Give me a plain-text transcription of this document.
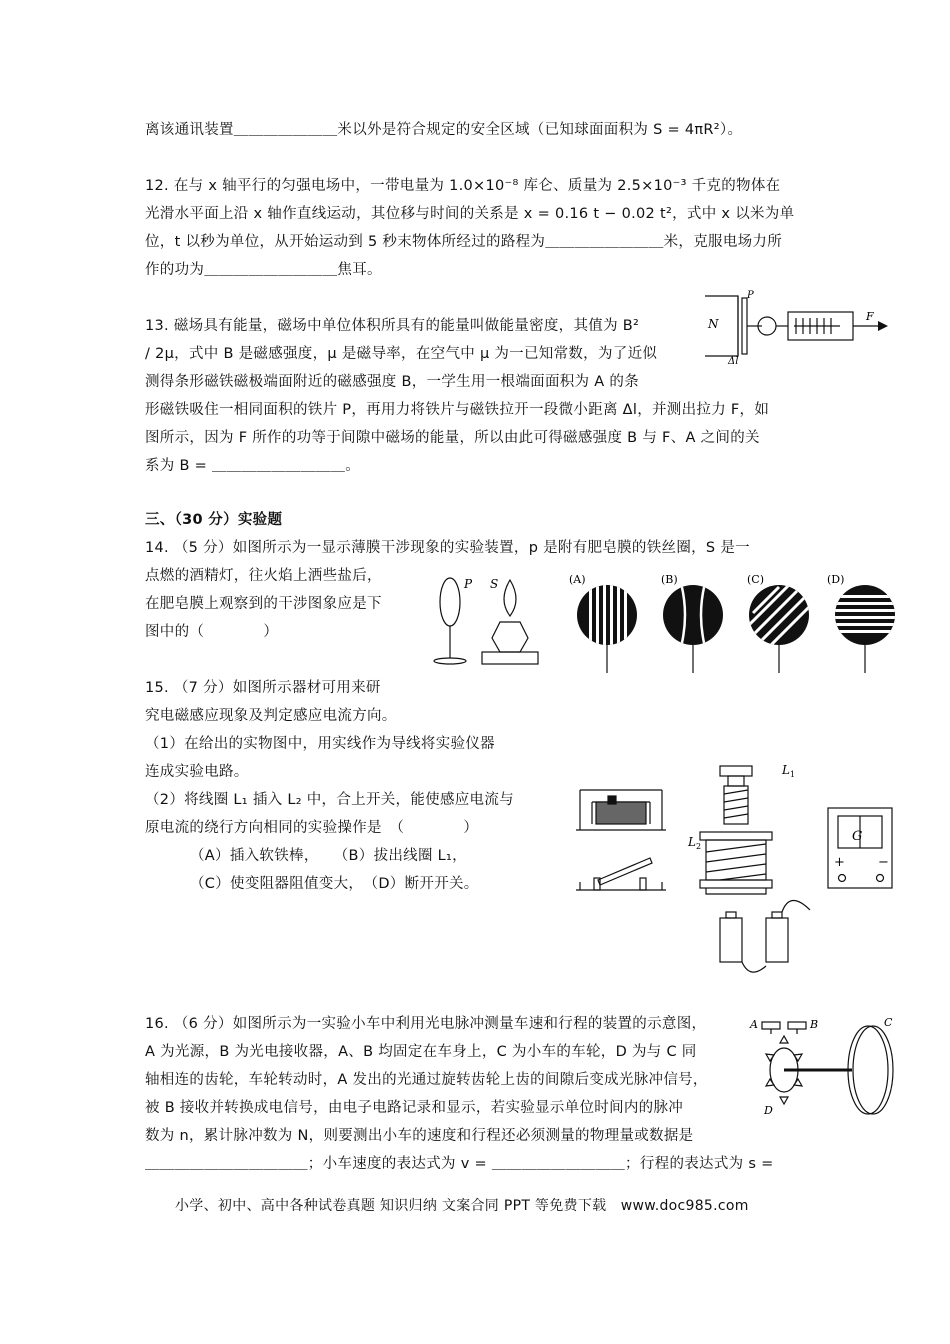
离该通讯装置＿＿＿＿＿＿＿米以外是符合规定的安全区域（已知球面面积为 S = 4πR²）。
12. 在与 x 轴平行的匀强电场中，一带电量为 1.0×10⁻⁸ 库仑、质量为 2.5×10⁻³ 千克的物体在
光滑水平面上沿 x 轴作直线运动，其位移与时间的关系是 x = 0.16 t − 0.02 t²，式中 x 以米为单
位，t 以秒为单位，从开始运动到 5 秒末物体所经过的路程为＿＿＿＿＿＿＿＿米，克服电场力所
作的功为＿＿＿＿＿＿＿＿＿焦耳。
13. 磁场具有能量，磁场中单位体积所具有的能量叫做能量密度，其值为 B²
/ 2μ，式中 B 是磁感强度，μ 是磁导率，在空气中 μ 为一已知常数，为了近似
测得条形磁铁磁极端面附近的磁感强度 B，一学生用一根端面面积为 A 的条
形磁铁吸住一相同面积的铁片 P，再用力将铁片与磁铁拉开一段微小距离 Δl，并测出拉力 F，如
图所示，因为 F 所作的功等于间隙中磁场的能量，所以由此可得磁感强度 B 与 F、A 之间的关
系为 B = ＿＿＿＿＿＿＿＿＿。
三、（30 分）实验题
14. （5 分）如图所示为一显示薄膜干涉现象的实验装置，p 是附有肥皂膜的铁丝圈，S 是一
点燃的酒精灯，往火焰上洒些盐后，
在肥皂膜上观察到的干涉图象应是下
图中的（　　　　）
15. （7 分）如图所示器材可用来研
究电磁感应现象及判定感应电流方向。
（1）在给出的实物图中，用实线作为导线将实验仪器
连成实验电路。
（2）将线圈 L₁ 插入 L₂ 中，合上开关，能使感应电流与
原电流的绕行方向相同的实验操作是　（　　　　）
（A）插入软铁棒，　　（B）拔出线圈 L₁，
（C）使变阻器阻值变大，　（D）断开开关。
16. （6 分）如图所示为一实验小车中利用光电脉冲测量车速和行程的装置的示意图，
A 为光源，B 为光电接收器，A、B 均固定在车身上，C 为小车的车轮，D 为与 C 同
轴相连的齿轮，车轮转动时，A 发出的光通过旋转齿轮上齿的间隙后变成光脉冲信号，
被 B 接收并转换成电信号，由电子电路记录和显示，若实验显示单位时间内的脉冲
数为 n，累计脉冲数为 N，则要测出小车的速度和行程还必须测量的物理量或数据是
＿＿＿＿＿＿＿＿＿＿＿；小车速度的表达式为 v = ＿＿＿＿＿＿＿＿＿；行程的表达式为 s =
小学、初中、高中各种试卷真题 知识归纳 文案合同 PPT 等免费下载　www.doc985.com
N
P
Δl
F
P S	(A)	(B)	(C)	(D)
L 1
L 2
G
+	−
A	B	C
D
